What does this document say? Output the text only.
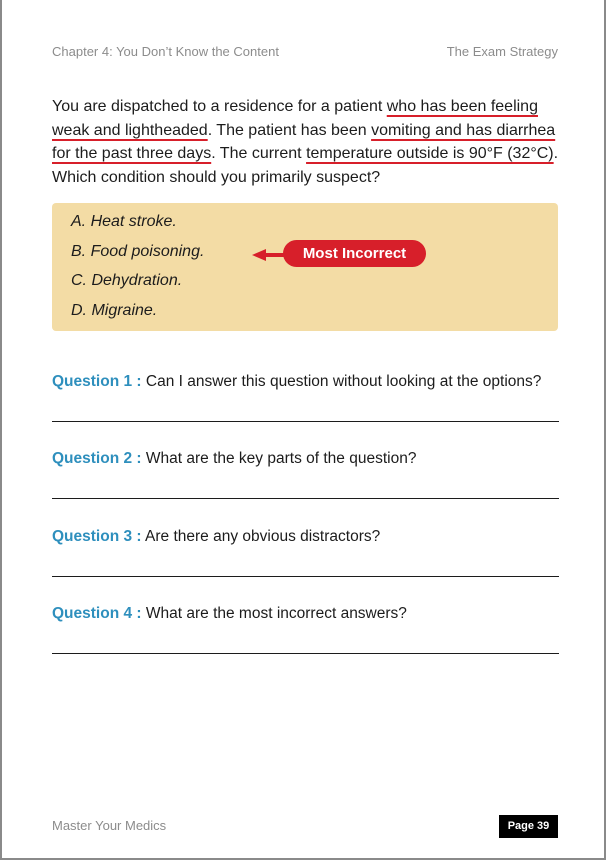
Chapter 4: You Don’t Know the Content	The Exam Strategy
You are dispatched to a residence for a patient who has been feeling weak and lightheaded. The patient has been vomiting and has diarrhea for the past three days. The current temperature outside is 90°F (32°C). Which condition should you primarily suspect?
A. Heat stroke.
B. Food poisoning.
C. Dehydration.
D. Migraine.
Most Incorrect
Question 1 : Can I answer this question without looking at the options?
Question 2 : What are the key parts of the question?
Question 3 : Are there any obvious distractors?
Question 4 : What are the most incorrect answers?
Master Your Medics	Page 39
